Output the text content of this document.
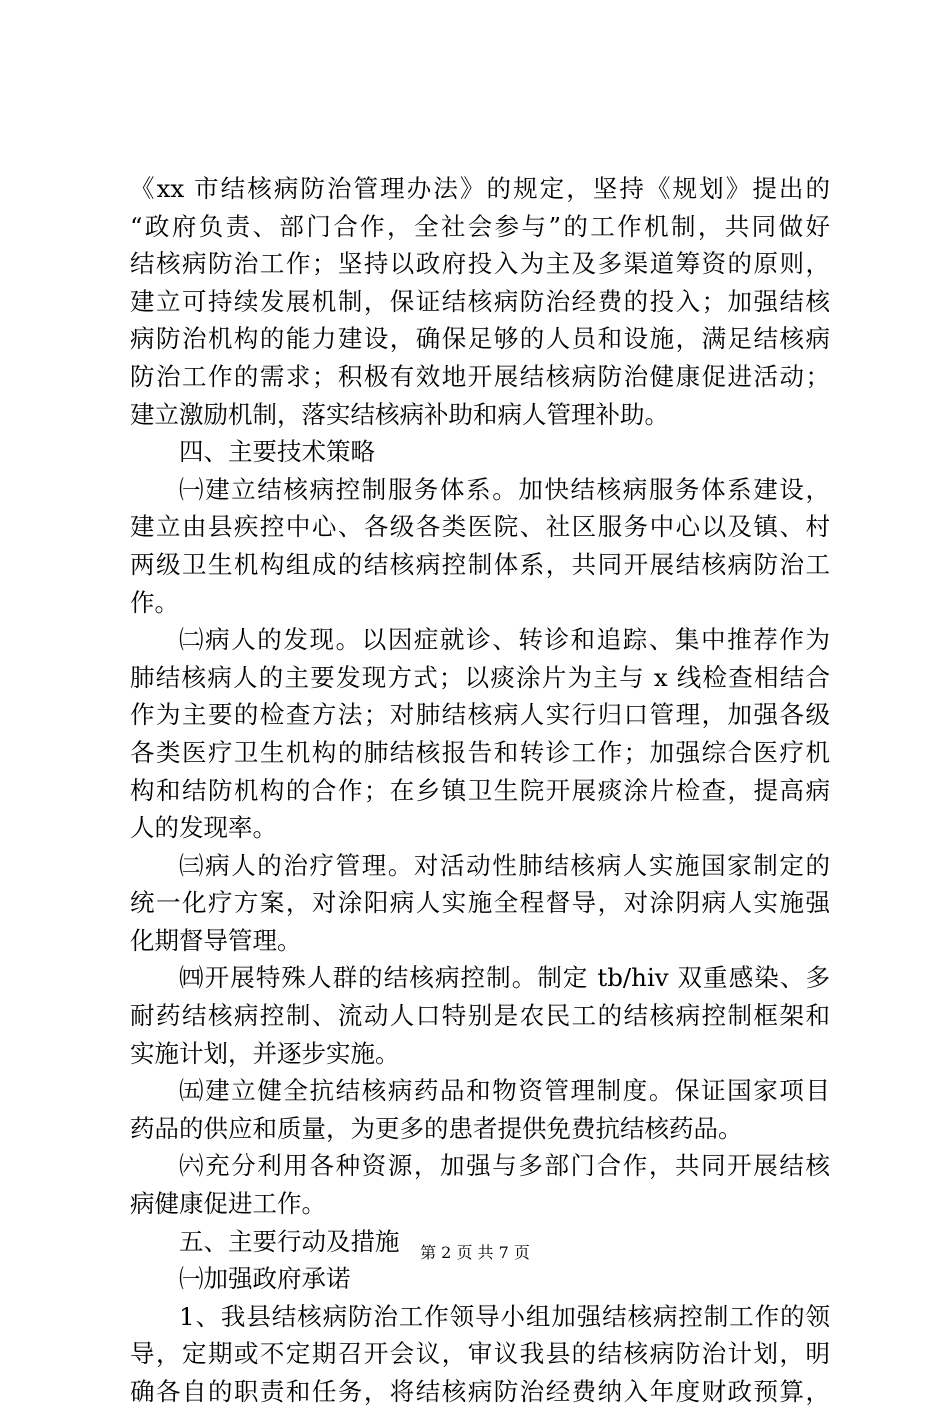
《xx 市结核病防治管理办法》的规定，坚持《规划》提出的
“政府负责、部门合作，全社会参与”的工作机制，共同做好
结核病防治工作；坚持以政府投入为主及多渠道筹资的原则，
建立可持续发展机制，保证结核病防治经费的投入；加强结核
病防治机构的能力建设，确保足够的人员和设施，满足结核病
防治工作的需求；积极有效地开展结核病防治健康促进活动；
建立激励机制，落实结核病补助和病人管理补助。
四、主要技术策略
㈠建立结核病控制服务体系。加快结核病服务体系建设，
建立由县疾控中心、各级各类医院、社区服务中心以及镇、村
两级卫生机构组成的结核病控制体系，共同开展结核病防治工
作。
㈡病人的发现。以因症就诊、转诊和追踪、集中推荐作为
肺结核病人的主要发现方式；以痰涂片为主与 x 线检查相结合
作为主要的检查方法；对肺结核病人实行归口管理，加强各级
各类医疗卫生机构的肺结核报告和转诊工作；加强综合医疗机
构和结防机构的合作；在乡镇卫生院开展痰涂片检查，提高病
人的发现率。
㈢病人的治疗管理。对活动性肺结核病人实施国家制定的
统一化疗方案，对涂阳病人实施全程督导，对涂阴病人实施强
化期督导管理。
㈣开展特殊人群的结核病控制。制定 tb/hiv 双重感染、多
耐药结核病控制、流动人口特别是农民工的结核病控制框架和
实施计划，并逐步实施。
㈤建立健全抗结核病药品和物资管理制度。保证国家项目
药品的供应和质量，为更多的患者提供免费抗结核药品。
㈥充分利用各种资源，加强与多部门合作，共同开展结核
病健康促进工作。
五、主要行动及措施
㈠加强政府承诺
1、我县结核病防治工作领导小组加强结核病控制工作的领
导，定期或不定期召开会议，审议我县的结核病防治计划，明
确各自的职责和任务，将结核病防治经费纳入年度财政预算，
第 2 页 共 7 页
